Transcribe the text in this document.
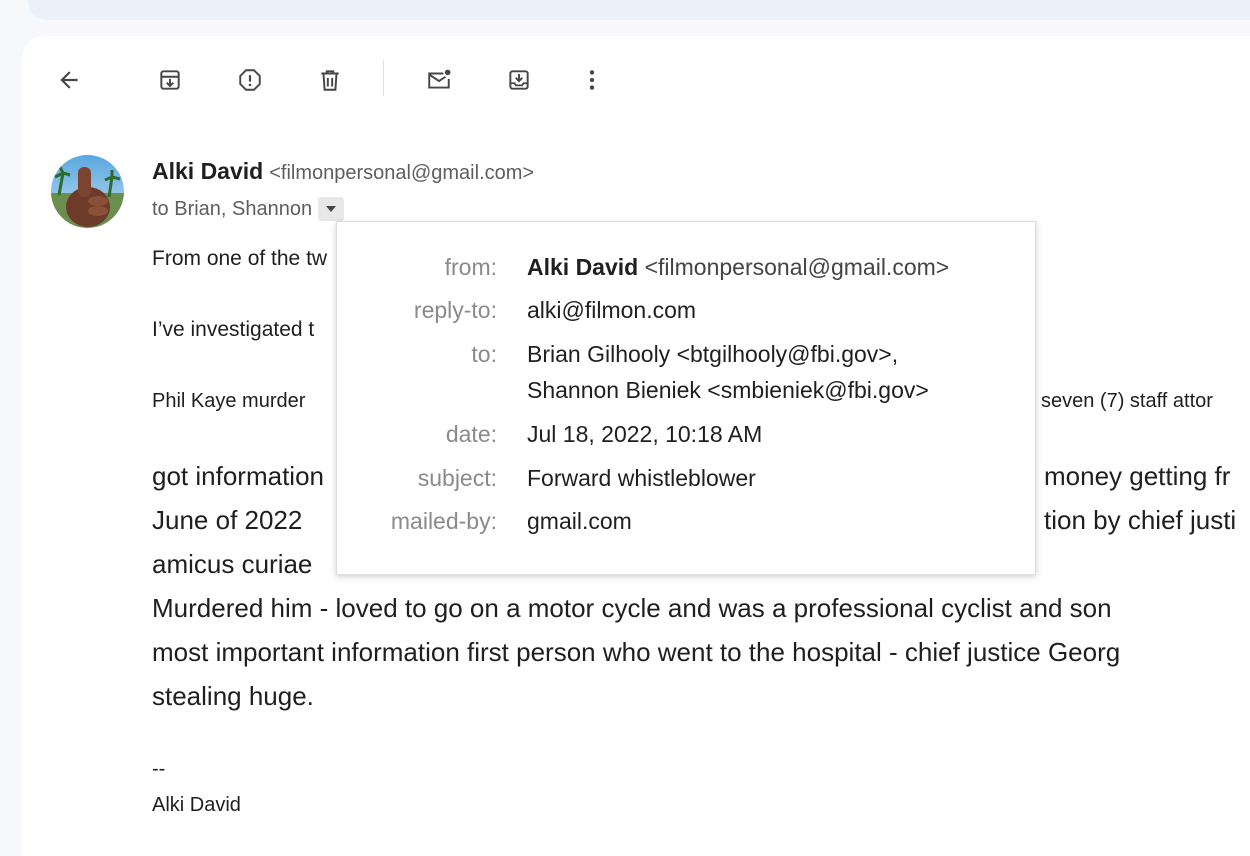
Alki David <filmonpersonal@gmail.com>
to Brian, Shannon
From one of the tw
I’ve investigated t
Phil Kaye murder	seven (7) staff attor
got information	money getting fr
June of 2022	tion by chief justi
amicus curiae
Murdered him - loved to go on a motor cycle and was a professional cyclist and son
most important information first person who went to the hospital - chief justice Georg
stealing huge.
--
Alki David
from: Alki David <filmonpersonal@gmail.com>
reply-to: alki@filmon.com
to: Brian Gilhooly <btgilhooly@fbi.gov>,
Shannon Bieniek <smbieniek@fbi.gov>
date: Jul 18, 2022, 10:18 AM
subject: Forward whistleblower
mailed-by: gmail.com
